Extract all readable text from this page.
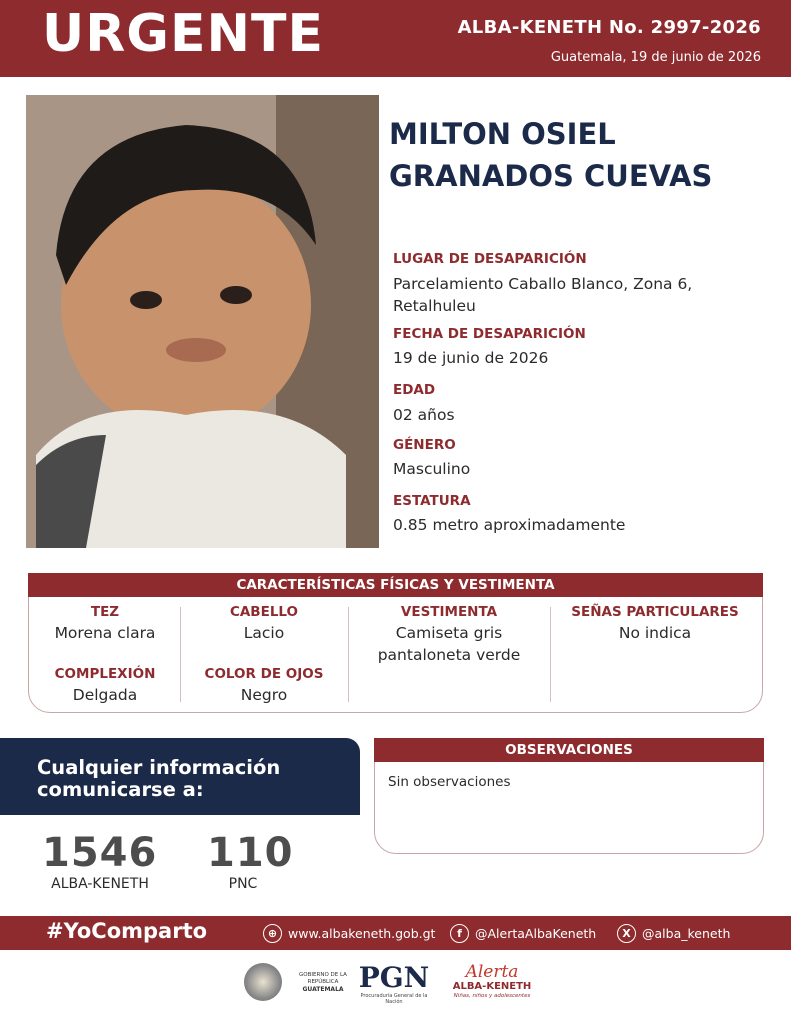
URGENTE	ALBA-KENETH No. 2997-2026
Guatemala, 19 de junio de 2026
MILTON OSIEL
GRANADOS CUEVAS
LUGAR DE DESAPARICIÓN
Parcelamiento Caballo Blanco, Zona 6,
Retalhuleu
FECHA DE DESAPARICIÓN
19 de junio de 2026
EDAD
02 años
GÉNERO
Masculino
ESTATURA
0.85 metro aproximadamente
CARACTERÍSTICAS FÍSICAS Y VESTIMENTA
TEZ
Morena clara
COMPLEXIÓN
Delgada
CABELLO
Lacio
COLOR DE OJOS
Negro
VESTIMENTA
Camiseta gris
pantaloneta verde
SEÑAS PARTICULARES
No indica
Cualquier información
comunicarse a:
1546
ALBA-KENETH
110
PNC
OBSERVACIONES
Sin observaciones
#YoComparto	⊕ www.albakeneth.gob.gt	f	@AlertaAlbaKeneth	X @alba_keneth
GOBIERNO DE LA REPÚBLICA
GUATEMALA PGN
Procuraduría General de la Nación
Alerta
ALBA-KENETH
Niñas, niños y adolescentes
